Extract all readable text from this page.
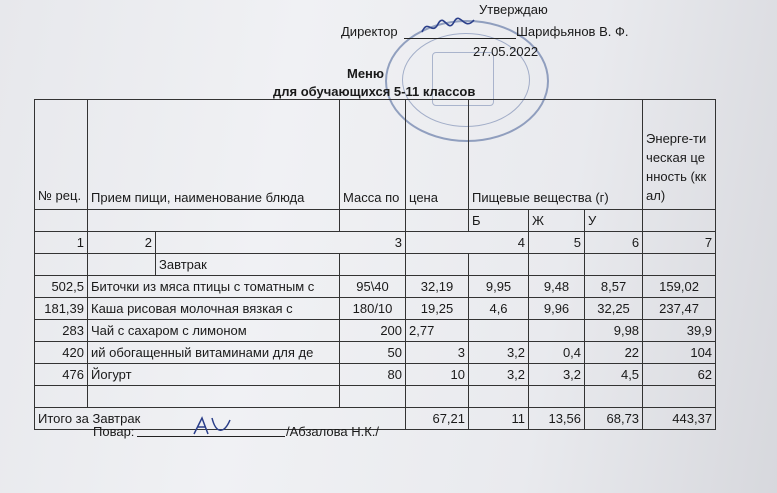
Утверждаю
Директор	Шарифьянов В. Ф.
27.05.2022
Меню
для обучающихся 5-11 классов
№ рец.	Прием пищи, наименование блюда		Масса по	цена	Пищевые вещества (г)			Энерге-тическая ценность (ккал)
					Б	Ж	У	
1	2	3		4		5	6	7
		Завтрак						
502,5	Биточки из мяса птицы с томатным с		95\40	32,19	9,95	9,48	8,57	159,02
181,39	Каша рисовая молочная вязкая с		180/10	19,25	4,6	9,96	32,25	237,47
283	Чай с сахаром с лимоном		200	2,77			9,98	39,9
420	ий обогащенный витаминами для де		50	3	3,2	0,4	22	104
476	Йогурт		80	10	3,2	3,2	4,5	62

Итого за Завтрак				67,21	11	13,56	68,73	443,37
Повар:	/Абзалова Н.К./
